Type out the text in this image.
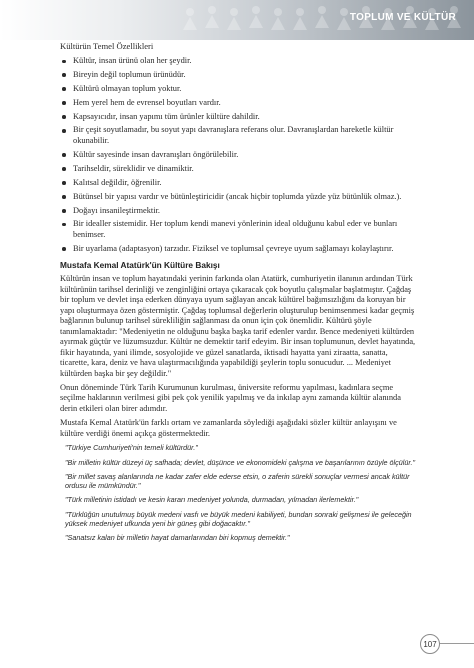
TOPLUM VE KÜLTÜR
Kültürün Temel Özellikleri
Kültür, insan ürünü olan her şeydir.
Bireyin değil toplumun ürünüdür.
Kültürü olmayan toplum yoktur.
Hem yerel hem de evrensel boyutları vardır.
Kapsayıcıdır, insan yapımı tüm ürünler kültüre dahildir.
Bir çeşit soyutlamadır, bu soyut yapı davranışlara referans olur. Davranışlardan hareketle kültür okunabilir.
Kültür sayesinde insan davranışları öngörülebilir.
Tarihseldir, süreklidir ve dinamiktir.
Kalıtsal değildir, öğrenilir.
Bütünsel bir yapısı vardır ve bütünleştiricidir (ancak hiçbir toplumda yüzde yüz bütünlük olmaz.).
Doğayı insanileştirmektir.
Bir idealler sistemidir. Her toplum kendi manevi yönlerinin ideal olduğunu kabul eder ve bunları benimser.
Bir uyarlama (adaptasyon) tarzıdır. Fiziksel ve toplumsal çevreye uyum sağlamayı kolaylaştırır.
Mustafa Kemal Atatürk'ün Kültüre Bakışı

Kültürün insan ve toplum hayatındaki yerinin farkında olan Atatürk, cumhuriyetin ilanının ardından Türk kültürünün tarihsel derinliği ve zenginliğini ortaya çıkaracak çok boyutlu çalışmalar başlatmıştır. Çağdaş bir toplum ve devlet inşa ederken dünyaya uyum sağlayan ancak kültürel bağımsızlığını da koruyan bir yapı oluşturmaya özen göstermiştir. Çağdaş toplumsal değerlerin oluşturulup benimsenmesi kadar geçmiş bağlarının bulunup tarihsel sürekliliğin sağlanması da onun için çok önemlidir. Kültürü şöyle tanımlamaktadır: "Medeniyetin ne olduğunu başka başka tarif edenler vardır. Bence medeniyeti kültürden ayırmak güçtür ve lüzumsuzdur. Kültür ne demektir tarif edeyim. Bir insan toplumunun, devlet hayatında, fikir hayatında, yani ilimde, sosyolojide ve güzel sanatlarda, iktisadi hayatta yani ziraatta, sanatta, ticarette, kara, deniz ve hava ulaştırmacılığında yapabildiği şeylerin toplu sonucudur. ... Medeniyet kültürden başka bir şey değildir."

Onun döneminde Türk Tarih Kurumunun kurulması, üniversite reformu yapılması, kadınlara seçme seçilme haklarının verilmesi gibi pek çok yenilik yapılmış ve da inkılap aynı zamanda kültür alanında derin etkileri olan birer adımdır.

Mustafa Kemal Atatürk'ün farklı ortam ve zamanlarda söylediği aşağıdaki sözler kültür anlayışını ve kültüre verdiği önemi açıkça göstermektedir.

"Türkiye Cumhuriyeti'nin temeli kültürdür."

"Bir milletin kültür düzeyi üç safhada; devlet, düşünce ve ekonomideki çalışma ve başarılarının özüyle ölçülür."

"Bir millet savaş alanlarında ne kadar zafer elde ederse etsin, o zaferin sürekli sonuçlar vermesi ancak kültür ordusu ile mümkündür."

"Türk milletinin istidadı ve kesin kararı medeniyet yolunda, durmadan, yılmadan ilerlemektir."

"Türklüğün unutulmuş büyük medeni vasfı ve büyük medeni kabiliyeti, bundan sonraki gelişmesi ile geleceğin yüksek medeniyet ufkunda yeni bir güneş gibi doğacaktır."

"Sanatsız kalan bir milletin hayat damarlarından biri kopmuş demektir."

107
